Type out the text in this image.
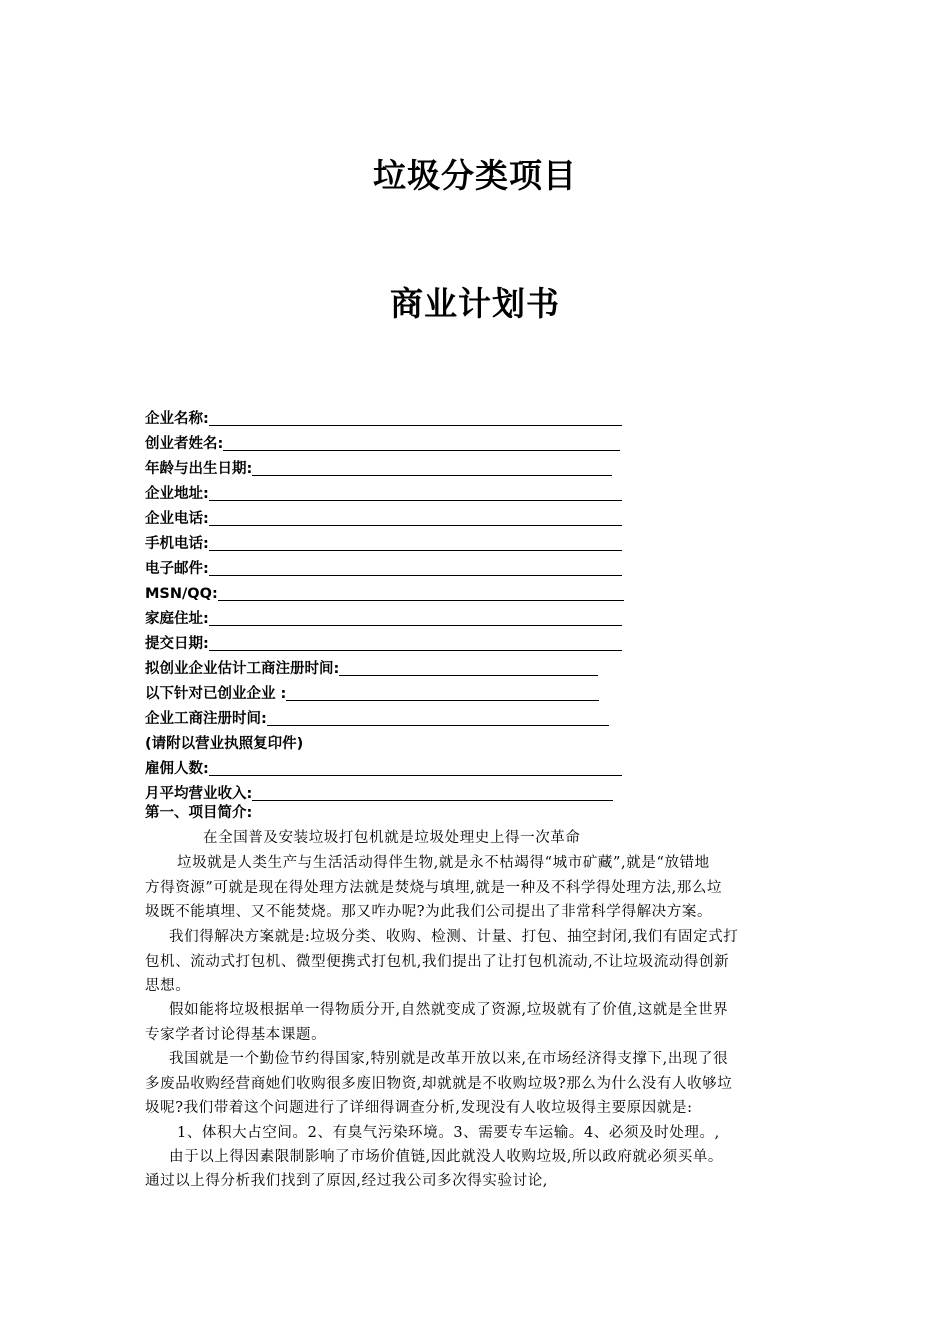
垃圾分类项目
商业计划书
企业名称:
创业者姓名:
年龄与出生日期:
企业地址:
企业电话:
手机电话:
电子邮件:
MSN/QQ:
家庭住址:
提交日期:
拟创业企业估计工商注册时间:
以下针对已创业企业 :
企业工商注册时间:
(请附以营业执照复印件)
雇佣人数:
月平均营业收入:
第一、项目简介:

在全国普及安装垃圾打包机就是垃圾处理史上得一次革命

垃圾就是人类生产与生活活动得伴生物,就是永不枯竭得“城市矿藏”,就是“放错地
方得资源”可就是现在得处理方法就是焚烧与填埋,就是一种及不科学得处理方法,那么垃
圾既不能填埋、又不能焚烧。那又咋办呢?为此我们公司提出了非常科学得解决方案。

我们得解决方案就是:垃圾分类、收购、检测、计量、打包、抽空封闭,我们有固定式打
包机、流动式打包机、微型便携式打包机,我们提出了让打包机流动,不让垃圾流动得创新
思想。

假如能将垃圾根据单一得物质分开,自然就变成了资源,垃圾就有了价值,这就是全世界
专家学者讨论得基本课题。

我国就是一个勤俭节约得国家,特别就是改革开放以来,在市场经济得支撑下,出现了很
多废品收购经营商她们收购很多废旧物资,却就就是不收购垃圾?那么为什么没有人收够垃
圾呢?我们带着这个问题进行了详细得调查分析,发现没有人收垃圾得主要原因就是:

1、体积大占空间。2、有臭气污染环境。3、需要专车运输。4、必须及时处理。,

由于以上得因素限制影响了市场价值链,因此就没人收购垃圾,所以政府就必须买单。

通过以上得分析我们找到了原因,经过我公司多次得实验讨论,
